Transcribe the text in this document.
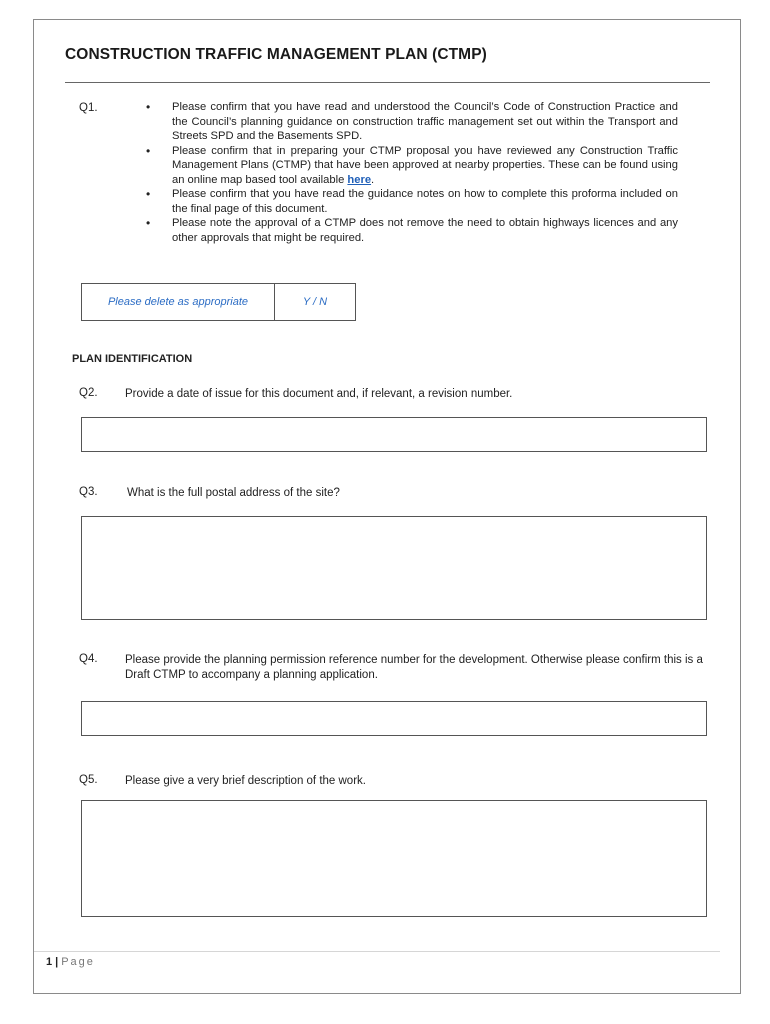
CONSTRUCTION TRAFFIC MANAGEMENT PLAN (CTMP)
Q1.	• Please confirm that you have read and understood the Council’s Code of Construction Practice and the Council’s planning guidance on construction traffic management set out within the Transport and Streets SPD and the Basements SPD.
• Please confirm that in preparing your CTMP proposal you have reviewed any Construction Traffic Management Plans (CTMP) that have been approved at nearby properties. These can be found using an online map based tool available here.
• Please confirm that you have read the guidance notes on how to complete this proforma included on the final page of this document.
• Please note the approval of a CTMP does not remove the need to obtain highways licences and any other approvals that might be required.
Please delete as appropriate	Y / N
PLAN IDENTIFICATION
Q2. Provide a date of issue for this document and, if relevant, a revision number.
Q3.	What is the full postal address of the site?
Q4. Please provide the planning permission reference number for the development. Otherwise please confirm this is a Draft CTMP to accompany a planning application.
Q5. Please give a very brief description of the work.
1 | Page
